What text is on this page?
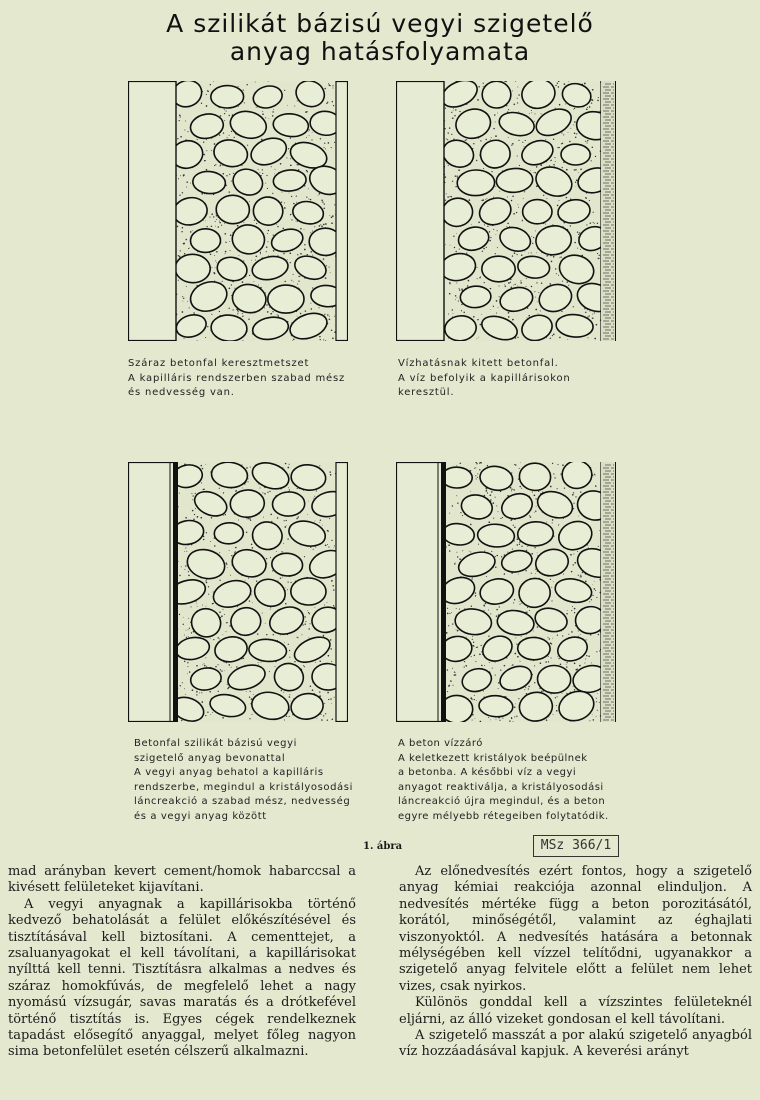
A szilikát bázisú vegyi szigetelő
anyag hatásfolyamata
Száraz betonfal keresztmetszet
A kapilláris rendszerben szabad mész
és nedvesség van.
Vízhatásnak kitett betonfal.
A víz befolyik a kapillárisokon
keresztül.
Betonfal szilikát bázisú vegyi
szigetelő anyag bevonattal
A vegyi anyag behatol a kapilláris
rendszerbe, megindul a kristályosodási
láncreakció a szabad mész, nedvesség
és a vegyi anyag között
A beton vízzáró
A keletkezett kristályok beépülnek
a betonba. A későbbi víz a vegyi
anyagot reaktiválja, a kristályosodási
láncreakció újra megindul, és a beton
egyre mélyebb rétegeiben folytatódik.
1. ábra	MSz 366/1

mad arányban kevert cement/homok habarccsal a kivésett felületeket kijavítani.

A vegyi anyagnak a kapillárisokba történő kedvező behatolását a felület előkészítésével és tisztításával kell biztosítani. A cementtejet, a zsaluanyagokat el kell távolítani, a kapillárisokat nyílttá kell tenni. Tisztításra alkalmas a nedves és száraz homokfúvás, de megfelelő lehet a nagy nyomású vízsugár, savas maratás és a drótkefével történő tisztítás is. Egyes cégek rendelkeznek tapadást elősegítő anyaggal, melyet főleg nagyon sima betonfelület esetén célszerű alkalmazni.

Az előnedvesítés ezért fontos, hogy a szigetelő anyag kémiai reakciója azonnal elinduljon. A nedvesítés mértéke függ a beton porozitásától, korától, minőségétől, valamint az éghajlati viszonyoktól. A nedvesítés hatására a betonnak mélységében kell vízzel telítődni, ugyanakkor a szigetelő anyag felvitele előtt a felület nem lehet vizes, csak nyirkos.

Különös gonddal kell a vízszintes felületeknél eljárni, az álló vizeket gondosan el kell távolítani.

A szigetelő masszát a por alakú szigetelő anyagból víz hozzáadásával kapjuk. A keverési arányt
